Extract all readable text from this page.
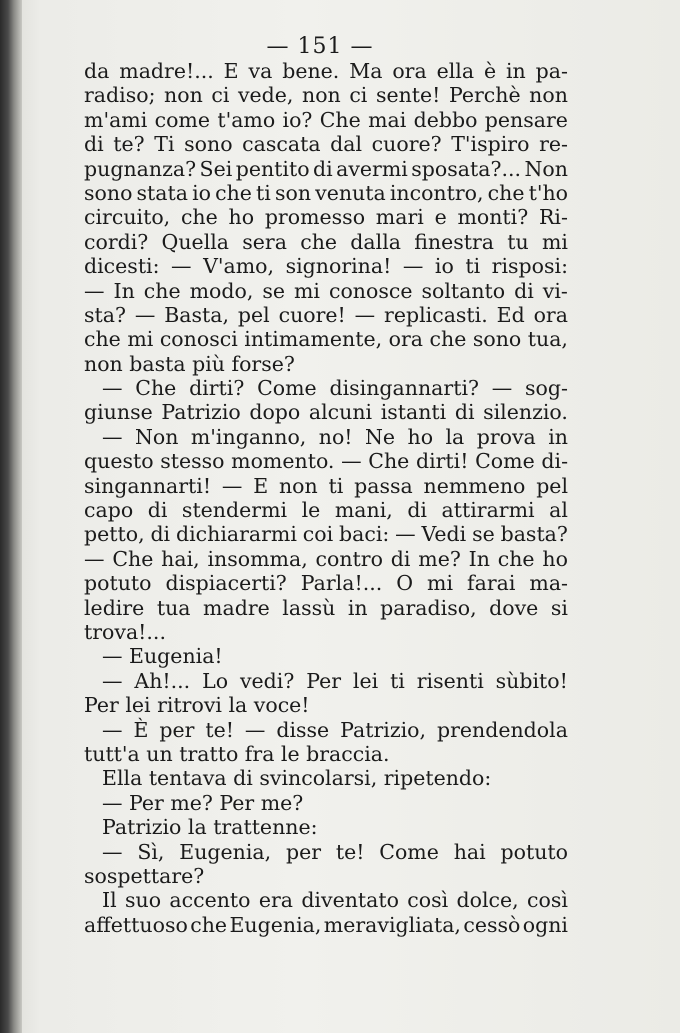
— 151 —
da madre!... E va bene. Ma ora ella è in pa-
radiso; non ci vede, non ci sente! Perchè non
m'ami come t'amo io? Che mai debbo pensare
di te? Ti sono cascata dal cuore? T'ispiro re-
pugnanza? Sei pentito di avermi sposata?... Non
sono stata io che ti son venuta incontro, che t'ho
circuito, che ho promesso mari e monti? Ri-
cordi? Quella sera che dalla finestra tu mi
dicesti: — V'amo, signorina! — io ti risposi:
— In che modo, se mi conosce soltanto di vi-
sta? — Basta, pel cuore! — replicasti. Ed ora
che mi conosci intimamente, ora che sono tua,
non basta più forse?
— Che dirti? Come disingannarti? — sog-
giunse Patrizio dopo alcuni istanti di silenzio.
— Non m'inganno, no! Ne ho la prova in
questo stesso momento. — Che dirti! Come di-
singannarti! — E non ti passa nemmeno pel
capo di stendermi le mani, di attirarmi al
petto, di dichiararmi coi baci: — Vedi se basta?
— Che hai, insomma, contro di me? In che ho
potuto dispiacerti? Parla!... O mi farai ma-
ledire tua madre lassù in paradiso, dove si
trova!...
— Eugenia!
— Ah!... Lo vedi? Per lei ti risenti sùbito!
Per lei ritrovi la voce!
— È per te! — disse Patrizio, prendendola
tutt'a un tratto fra le braccia.
Ella tentava di svincolarsi, ripetendo:
— Per me? Per me?
Patrizio la trattenne:
— Sì, Eugenia, per te! Come hai potuto
sospettare?
Il suo accento era diventato così dolce, così
affettuoso che Eugenia, meravigliata, cessò ogni
